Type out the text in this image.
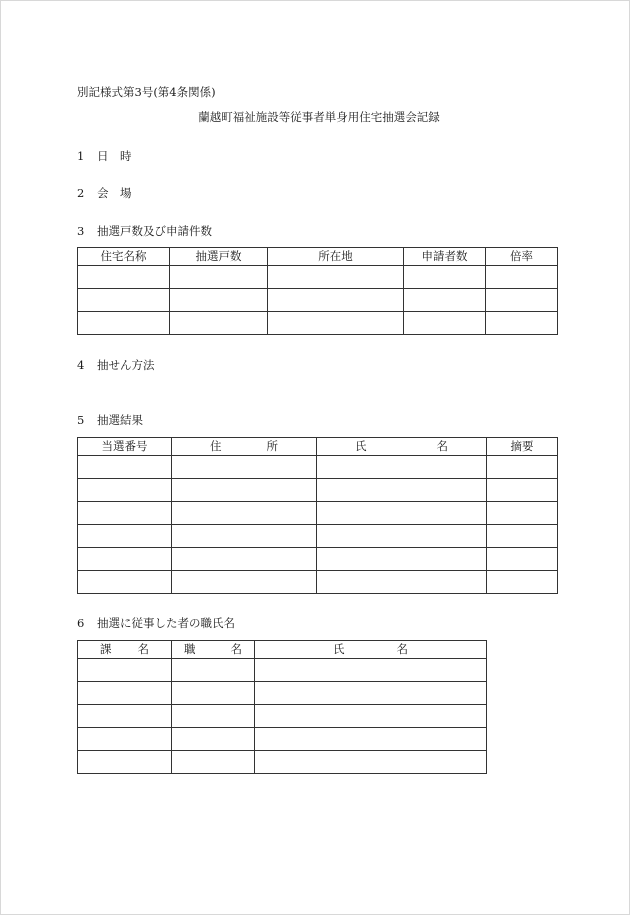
別記様式第3号(第4条関係)
蘭越町福祉施設等従事者単身用住宅抽選会記録
1	日　時
2	会　場
3	抽選戸数及び申請件数
住宅名称	抽選戸数	所在地	申請者数	倍率

4	抽せん方法
5	抽選結果
当選番号	住 所	氏 名	摘要

6	抽選に従事した者の職氏名
課 名	職 名	氏 名
